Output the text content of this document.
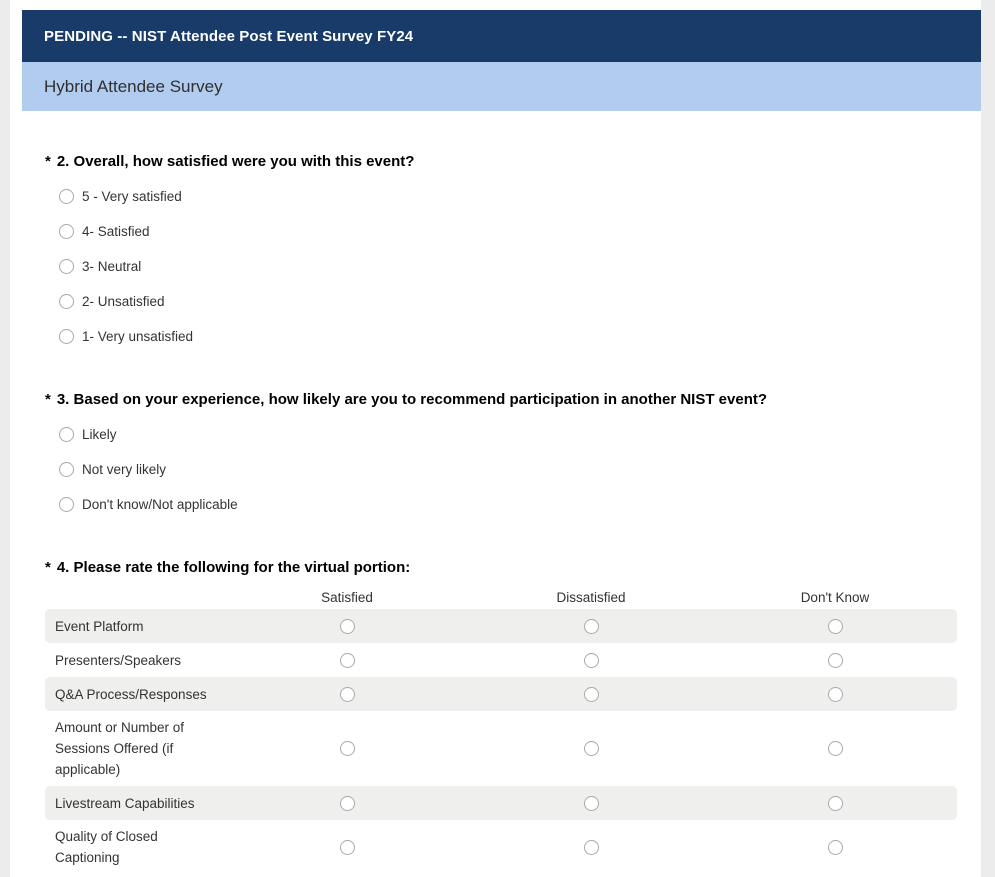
PENDING -- NIST Attendee Post Event Survey FY24
Hybrid Attendee Survey
* 2. Overall, how satisfied were you with this event?
5 - Very satisfied
4- Satisfied
3- Neutral
2- Unsatisfied
1- Very unsatisfied
* 3. Based on your experience, how likely are you to recommend participation in another NIST event?
Likely
Not very likely
Don't know/Not applicable
* 4. Please rate the following for the virtual portion:
Satisfied	Dissatisfied	Don't Know
Event Platform
Presenters/Speakers
Q&A Process/Responses
Amount or Number of Sessions Offered (if applicable)
Livestream Capabilities
Quality of Closed Captioning
